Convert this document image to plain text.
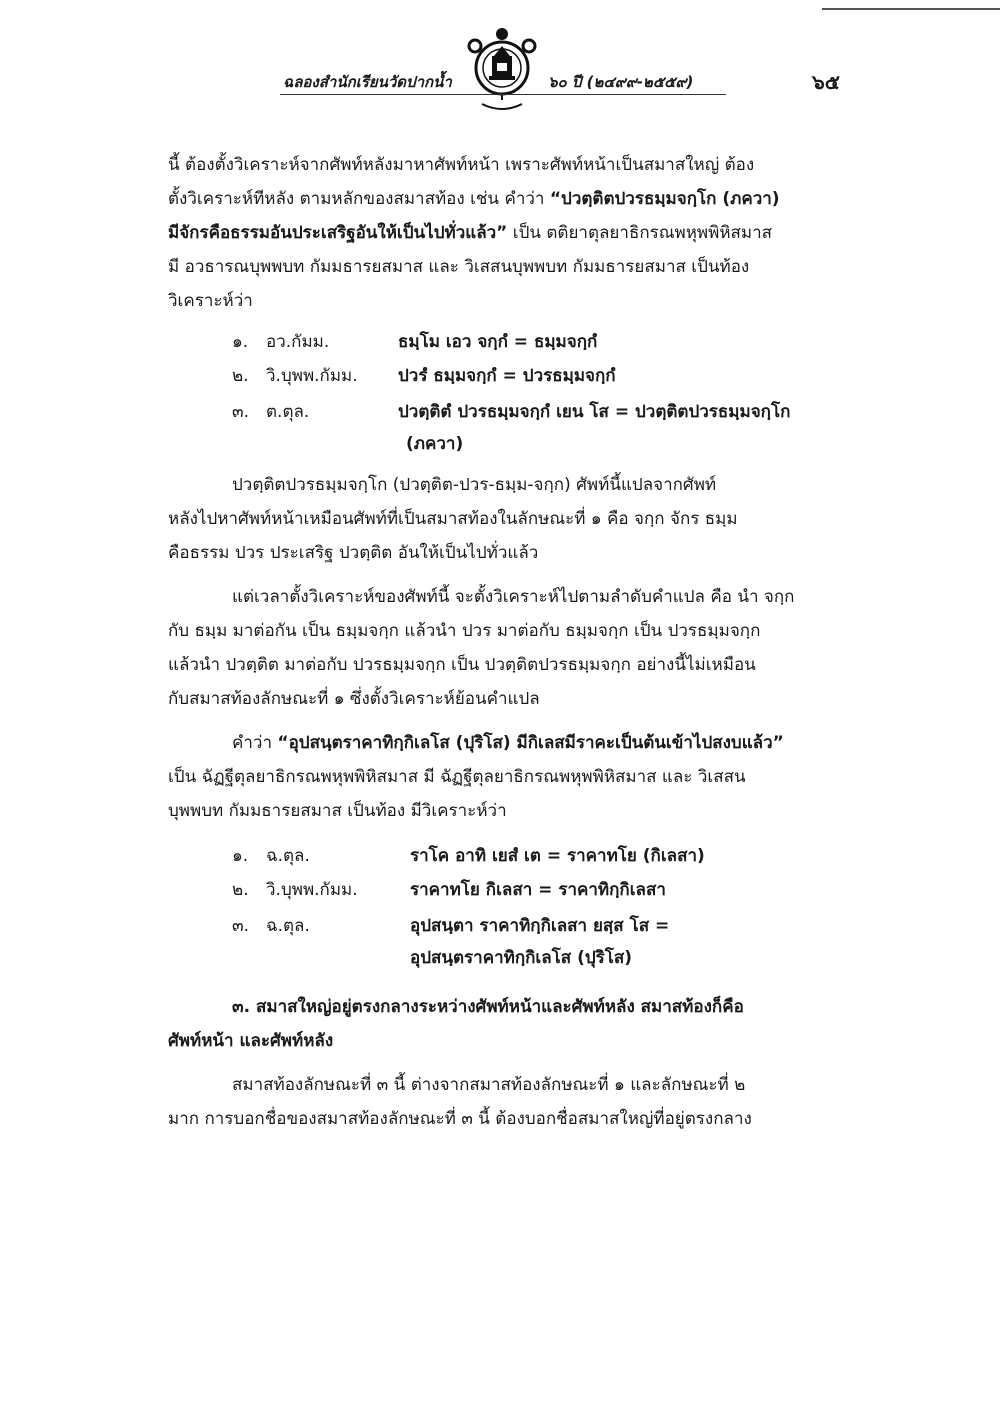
ฉลองสำนักเรียนวัดปากน้ำ	๖๐ ปี (๒๔๙๙-๒๕๕๙)	๖๕
นี้ ต้องตั้งวิเคราะห์จากศัพท์หลังมาหาศัพท์หน้า เพราะศัพท์หน้าเป็นสมาสใหญ่ ต้อง
ตั้งวิเคราะห์ทีหลัง ตามหลักของสมาสท้อง เช่น คำว่า “ปวตฺติตปวรธมฺมจกฺโก (ภควา)
มีจักรคือธรรมอันประเสริฐอันให้เป็นไปทั่วแล้ว” เป็น ตติยาตุลยาธิกรณพหุพพิหิสมาส
มี อวธารณบุพพบท กัมมธารยสมาส และ วิเสสนบุพพบท กัมมธารยสมาส เป็นท้อง
วิเคราะห์ว่า
๑. อว.กัมม.	ธมฺโม เอว จกฺกํ = ธมฺมจกฺกํ
๒. วิ.บุพพ.กัมม. ปวรํ ธมฺมจกฺกํ = ปวรธมฺมจกฺกํ
๓. ต.ตุล.	ปวตฺติตํ ปวรธมฺมจกฺกํ เยน โส = ปวตฺติตปวรธมฺมจกฺโก
(ภควา)
ปวตฺติตปวรธมฺมจกฺโก (ปวตฺติต-ปวร-ธมฺม-จกฺก) ศัพท์นี้แปลจากศัพท์
หลังไปหาศัพท์หน้าเหมือนศัพท์ที่เป็นสมาสท้องในลักษณะที่ ๑ คือ จกฺก จักร ธมฺม
คือธรรม ปวร ประเสริฐ ปวตฺติต อันให้เป็นไปทั่วแล้ว
แต่เวลาตั้งวิเคราะห์ของศัพท์นี้ จะตั้งวิเคราะห์ไปตามลำดับคำแปล คือ นำ จกฺก
กับ ธมฺม มาต่อกัน เป็น ธมฺมจกฺก แล้วนำ ปวร มาต่อกับ ธมฺมจกฺก เป็น ปวรธมฺมจกฺก
แล้วนำ ปวตฺติต มาต่อกับ ปวรธมฺมจกฺก เป็น ปวตฺติตปวรธมฺมจกฺก อย่างนี้ไม่เหมือน
กับสมาสท้องลักษณะที่ ๑ ซึ่งตั้งวิเคราะห์ย้อนคำแปล
คำว่า “อุปสนฺตราคาทิกฺกิเลโส (ปุริโส) มีกิเลสมีราคะเป็นต้นเข้าไปสงบแล้ว”
เป็น ฉัฏฐีตุลยาธิกรณพหุพพิหิสมาส มี ฉัฏฐีตุลยาธิกรณพหุพพิหิสมาส และ วิเสสน
บุพพบท กัมมธารยสมาส เป็นท้อง มีวิเคราะห์ว่า
๑. ฉ.ตุล.	ราโค อาทิ เยสํ เต = ราคาทโย (กิเลสา)
๒. วิ.บุพพ.กัมม.	ราคาทโย กิเลสา = ราคาทิกฺกิเลสา
๓. ฉ.ตุล.	อุปสนฺตา ราคาทิกฺกิเลสา ยสฺส โส =
อุปสนฺตราคาทิกฺกิเลโส (ปุริโส)
๓. สมาสใหญ่อยู่ตรงกลางระหว่างศัพท์หน้าและศัพท์หลัง สมาสท้องก็คือ
ศัพท์หน้า และศัพท์หลัง
สมาสท้องลักษณะที่ ๓ นี้ ต่างจากสมาสท้องลักษณะที่ ๑ และลักษณะที่ ๒
มาก การบอกชื่อของสมาสท้องลักษณะที่ ๓ นี้ ต้องบอกชื่อสมาสใหญ่ที่อยู่ตรงกลาง
